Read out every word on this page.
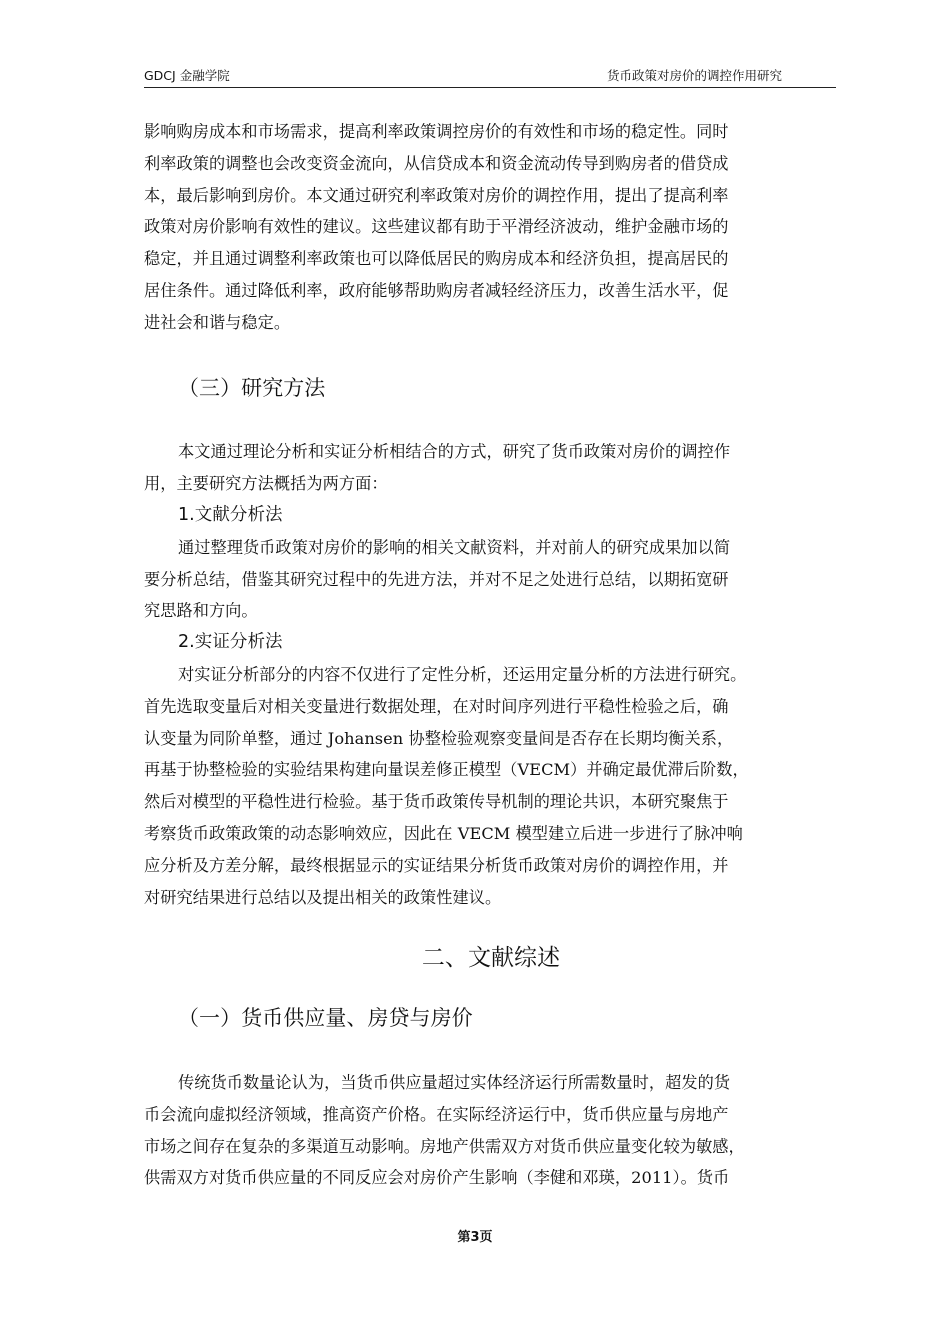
GDCJ 金融学院	货币政策对房价的调控作用研究

影响购房成本和市场需求，提高利率政策调控房价的有效性和市场的稳定性。同时
利率政策的调整也会改变资金流向，从信贷成本和资金流动传导到购房者的借贷成
本，最后影响到房价。本文通过研究利率政策对房价的调控作用，提出了提高利率
政策对房价影响有效性的建议。这些建议都有助于平滑经济波动，维护金融市场的
稳定，并且通过调整利率政策也可以降低居民的购房成本和经济负担，提高居民的
居住条件。通过降低利率，政府能够帮助购房者减轻经济压力，改善生活水平，促
进社会和谐与稳定。

（三）研究方法

本文通过理论分析和实证分析相结合的方式，研究了货币政策对房价的调控作
用，主要研究方法概括为两方面：

1.文献分析法

通过整理货币政策对房价的影响的相关文献资料，并对前人的研究成果加以简
要分析总结，借鉴其研究过程中的先进方法，并对不足之处进行总结，以期拓宽研
究思路和方向。

2.实证分析法

对实证分析部分的内容不仅进行了定性分析，还运用定量分析的方法进行研究。
首先选取变量后对相关变量进行数据处理，在对时间序列进行平稳性检验之后，确
认变量为同阶单整，通过 Johansen 协整检验观察变量间是否存在长期均衡关系，
再基于协整检验的实验结果构建向量误差修正模型（VECM）并确定最优滞后阶数，
然后对模型的平稳性进行检验。基于货币政策传导机制的理论共识，本研究聚焦于
考察货币政策政策的动态影响效应，因此在 VECM 模型建立后进一步进行了脉冲响
应分析及方差分解，最终根据显示的实证结果分析货币政策对房价的调控作用，并
对研究结果进行总结以及提出相关的政策性建议。

二、文献综述
（一）货币供应量、房贷与房价

传统货币数量论认为，当货币供应量超过实体经济运行所需数量时，超发的货
币会流向虚拟经济领域，推高资产价格。在实际经济运行中，货币供应量与房地产
市场之间存在复杂的多渠道互动影响。房地产供需双方对货币供应量变化较为敏感，
供需双方对货币供应量的不同反应会对房价产生影响（李健和邓瑛，2011）。货币

第3页
